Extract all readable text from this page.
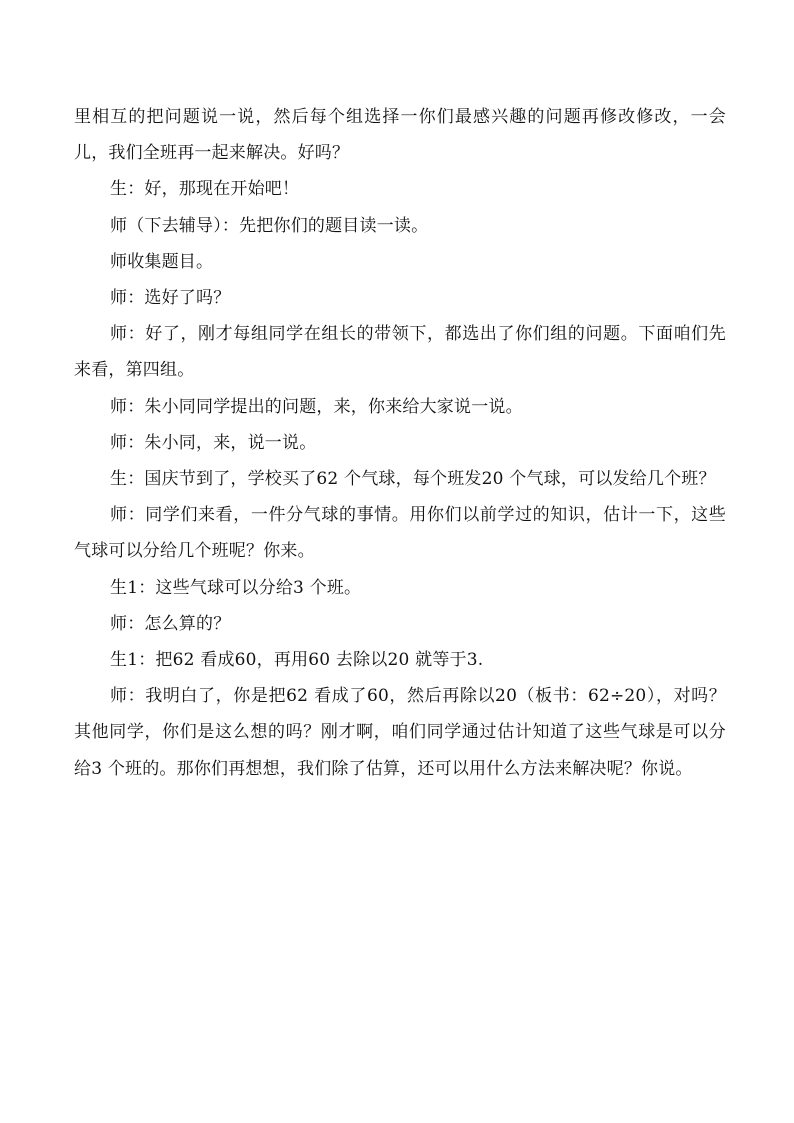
里相互的把问题说一说，然后每个组选择一你们最感兴趣的问题再修改修改，一会儿，我们全班再一起来解决。好吗？

生：好，那现在开始吧！

师（下去辅导）：先把你们的题目读一读。

师收集题目。

师：选好了吗？

师：好了，刚才每组同学在组长的带领下，都选出了你们组的问题。下面咱们先来看，第四组。

师：朱小同同学提出的问题，来，你来给大家说一说。

师：朱小同，来，说一说。

生：国庆节到了，学校买了62 个气球，每个班发20 个气球，可以发给几个班？

师：同学们来看，一件分气球的事情。用你们以前学过的知识，估计一下，这些气球可以分给几个班呢？你来。

生1：这些气球可以分给3 个班。

师：怎么算的？

生1：把62 看成60，再用60 去除以20 就等于3.

师：我明白了，你是把62 看成了60，然后再除以20（板书：62÷20），对吗？其他同学，你们是这么想的吗？刚才啊，咱们同学通过估计知道了这些气球是可以分给3 个班的。那你们再想想，我们除了估算，还可以用什么方法来解决呢？你说。
